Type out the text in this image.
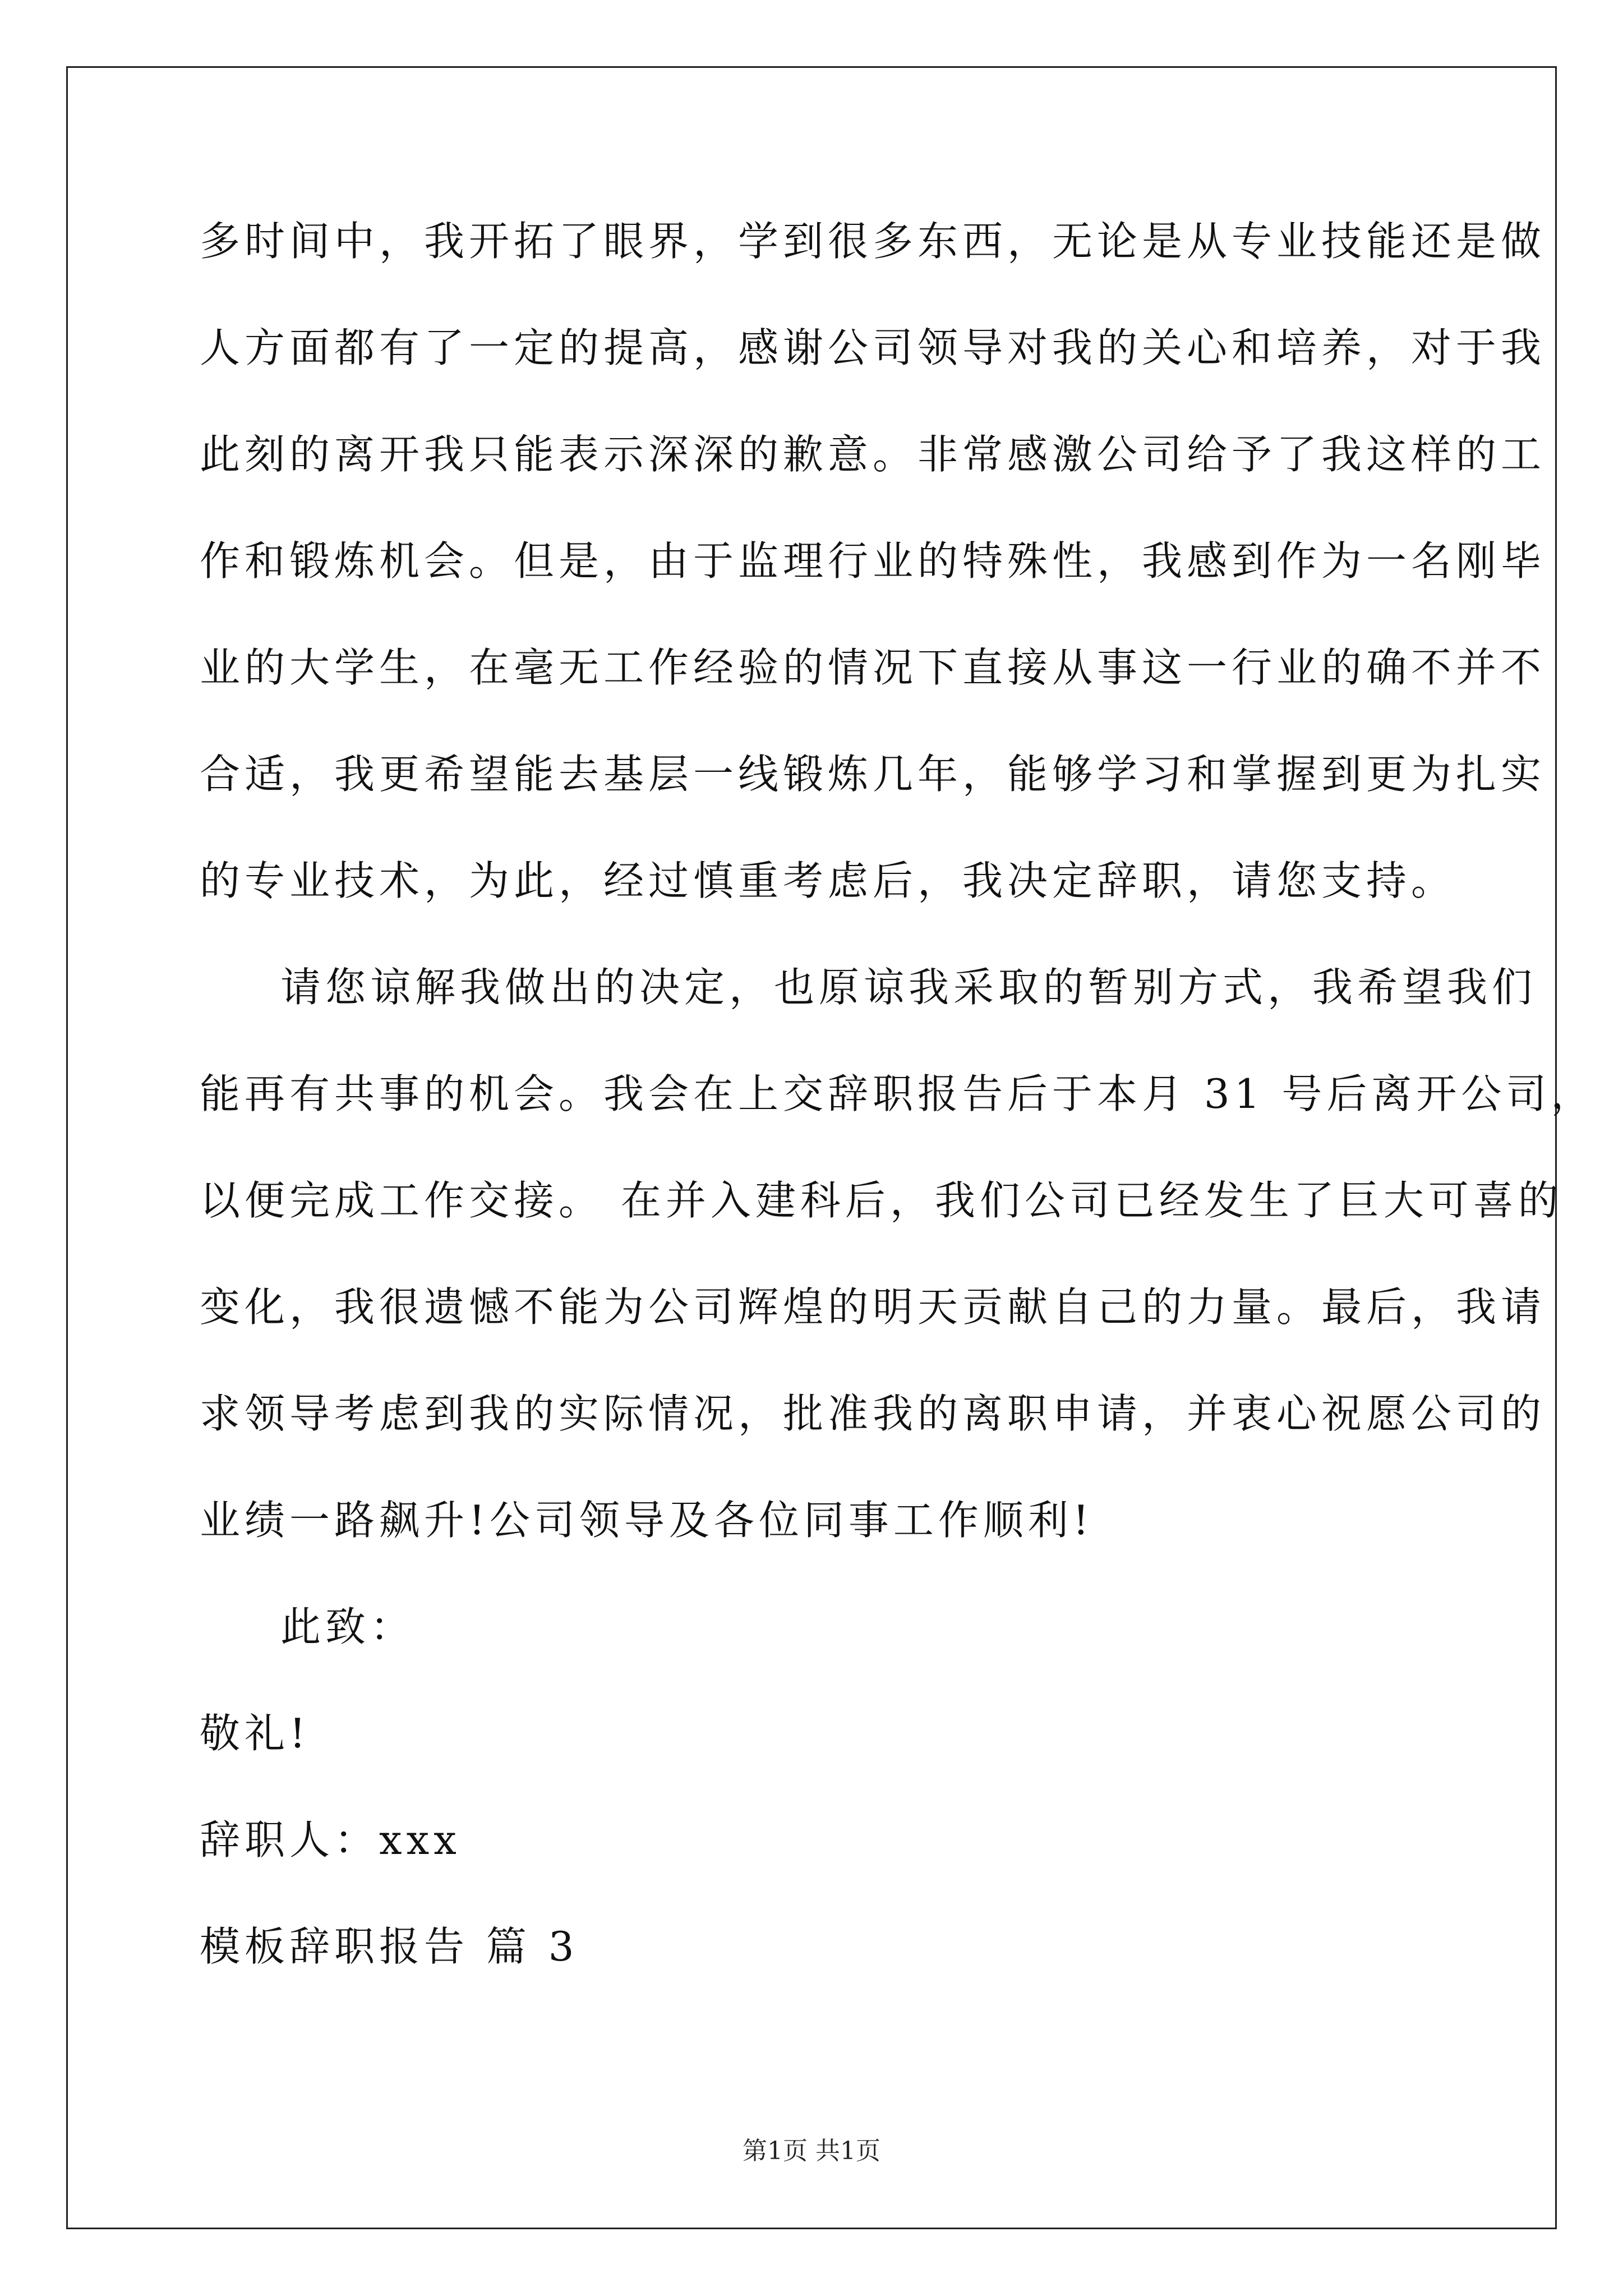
多时间中，我开拓了眼界，学到很多东西，无论是从专业技能还是做
人方面都有了一定的提高，感谢公司领导对我的关心和培养，对于我
此刻的离开我只能表示深深的歉意。非常感激公司给予了我这样的工
作和锻炼机会。但是，由于监理行业的特殊性，我感到作为一名刚毕
业的大学生，在毫无工作经验的情况下直接从事这一行业的确不并不
合适，我更希望能去基层一线锻炼几年，能够学习和掌握到更为扎实
的专业技术，为此，经过慎重考虑后，我决定辞职，请您支持。
请您谅解我做出的决定，也原谅我采取的暂别方式，我希望我们
能再有共事的机会。我会在上交辞职报告后于本月 31 号后离开公司，
以便完成工作交接。 在并入建科后，我们公司已经发生了巨大可喜的
变化，我很遗憾不能为公司辉煌的明天贡献自己的力量。最后，我请
求领导考虑到我的实际情况，批准我的离职申请，并衷心祝愿公司的
业绩一路飙升!公司领导及各位同事工作顺利!
此致：
敬礼!
辞职人：xxx
模板辞职报告 篇 3
第1页 共1页
